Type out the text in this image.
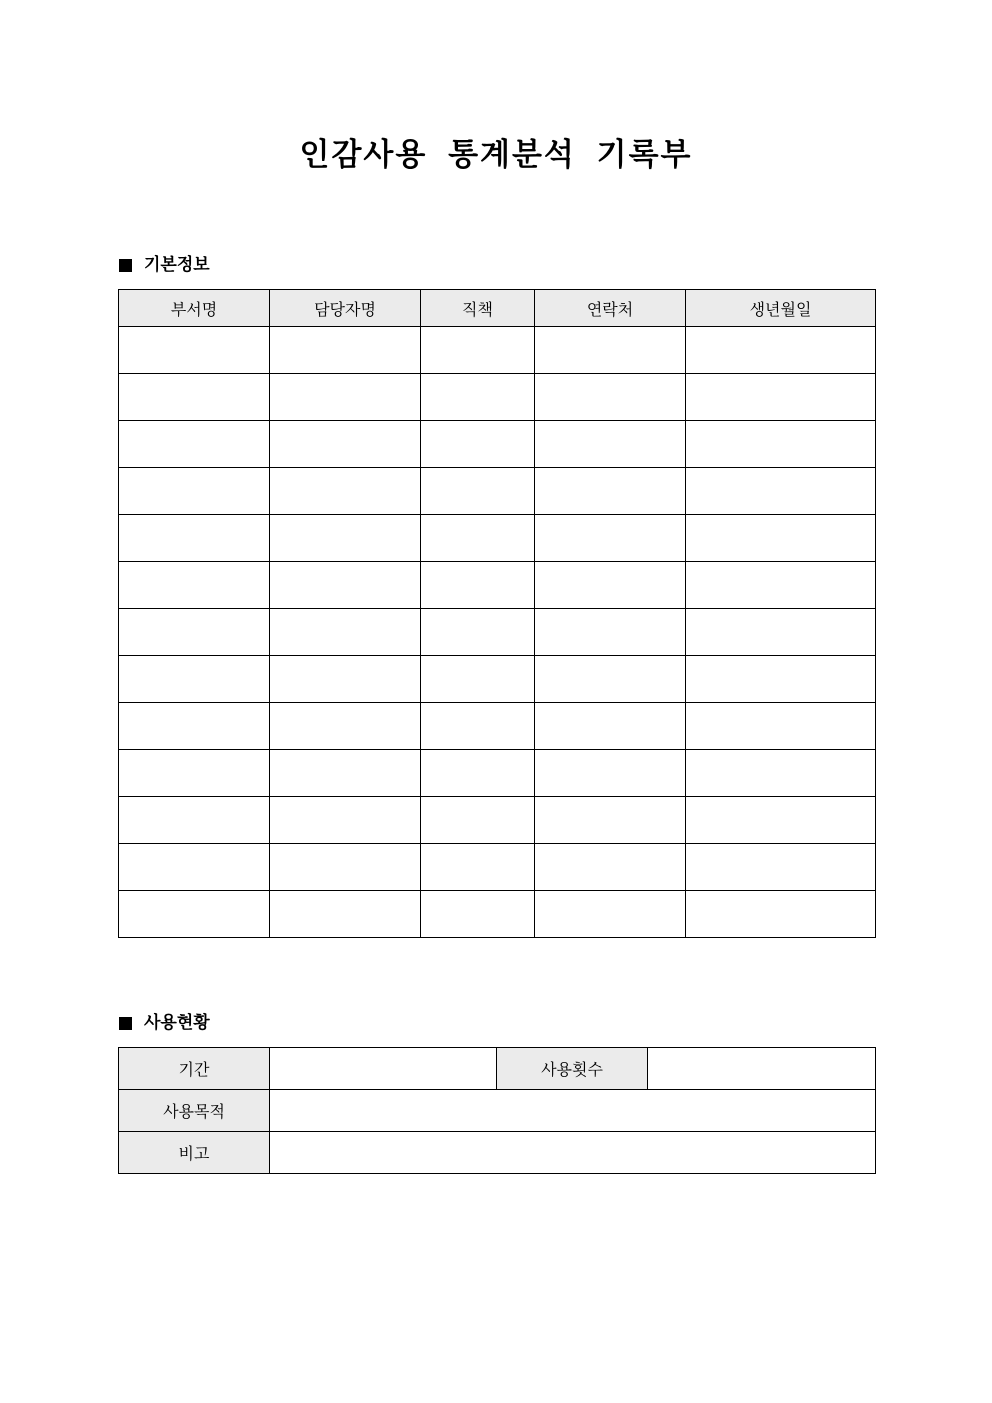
인감사용 통계분석 기록부
기본정보
부서명	담당자명	직책	연락처	생년월일

사용현황
기간		사용횟수	
사용목적			
비고			
